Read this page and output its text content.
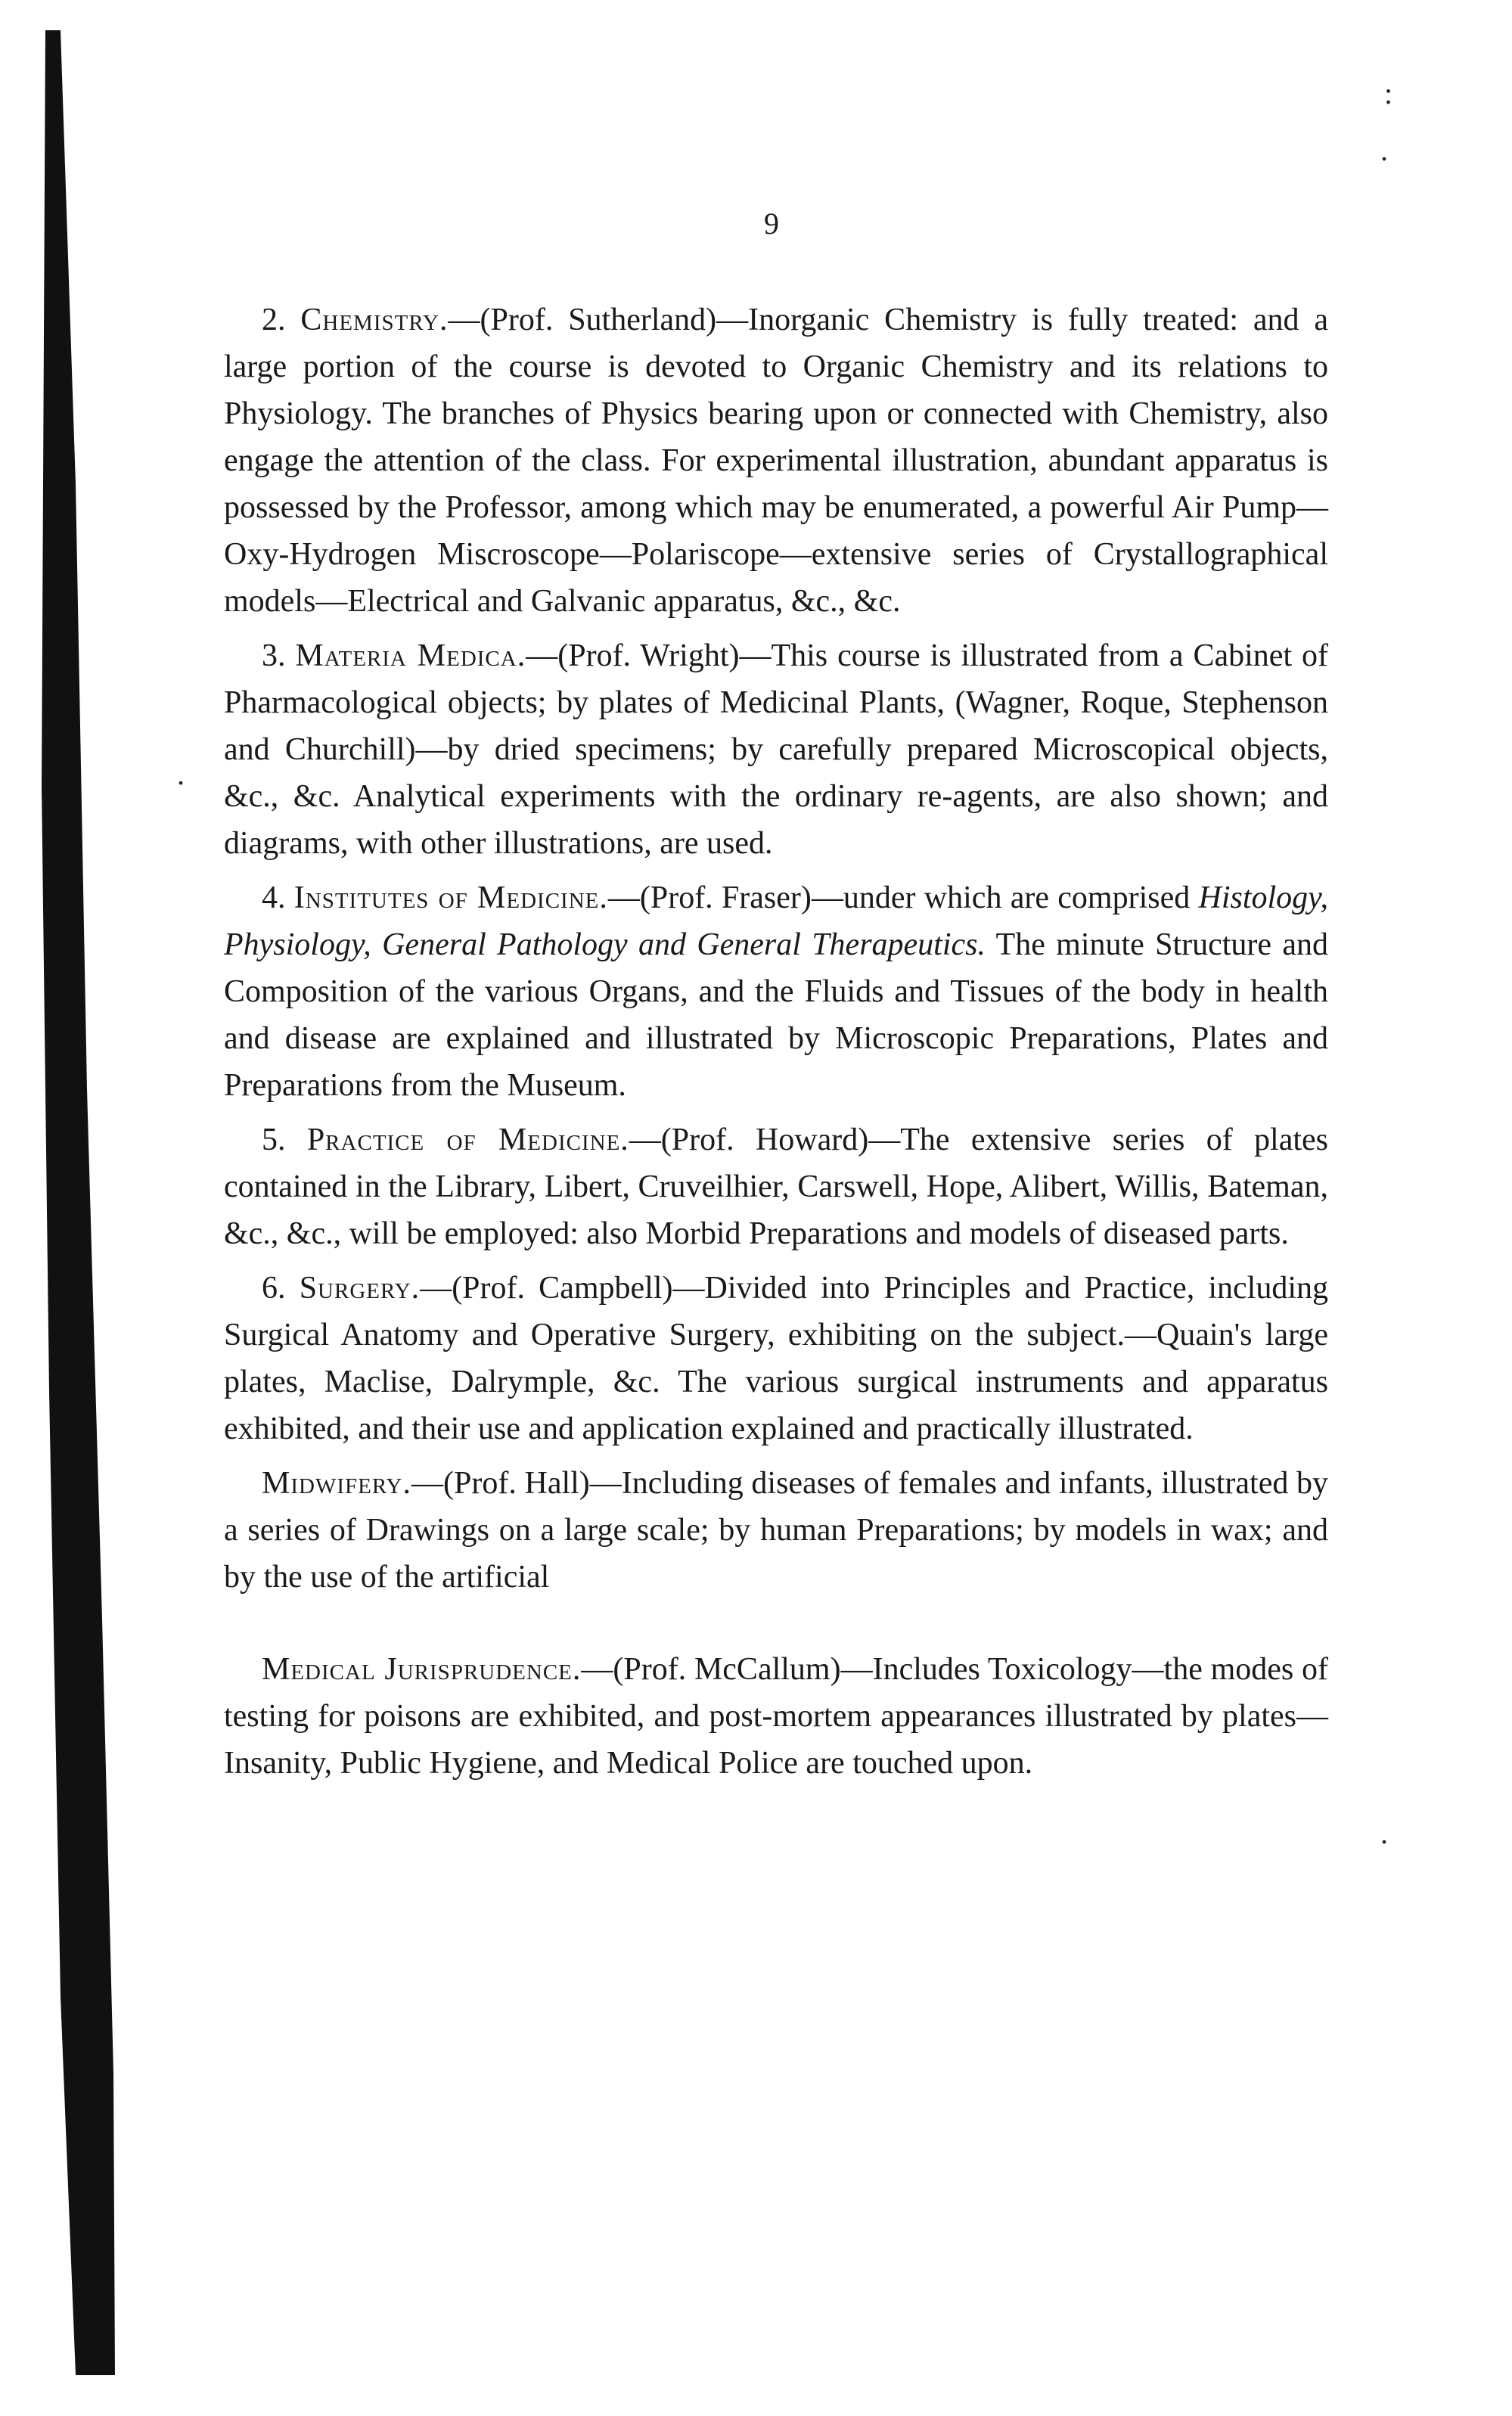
:
.
.
.
9

2. Chemistry.—(Prof. Sutherland)—Inorganic Chemistry is fully treated: and a large portion of the course is devoted to Organic Chemistry and its relations to Physiology. The branches of Physics bearing upon or connected with Chemistry, also engage the attention of the class. For experimental illustration, abundant apparatus is possessed by the Professor, among which may be enumerated, a powerful Air Pump—Oxy-Hydrogen Miscroscope—Polariscope—extensive series of Crystallographical models—Electrical and Galvanic apparatus, &c., &c.

3. Materia Medica.—(Prof. Wright)—This course is illustrated from a Cabinet of Pharmacological objects; by plates of Medicinal Plants, (Wagner, Roque, Stephenson and Churchill)—by dried specimens; by carefully prepared Microscopical objects, &c., &c. Analytical experiments with the ordinary re-agents, are also shown; and diagrams, with other illustrations, are used.

4. Institutes of Medicine.—(Prof. Fraser)—under which are comprised Histology, Physiology, General Pathology and General Therapeutics. The minute Structure and Composition of the various Organs, and the Fluids and Tissues of the body in health and disease are explained and illustrated by Microscopic Preparations, Plates and Preparations from the Museum.

5. Practice of Medicine.—(Prof. Howard)—The extensive series of plates contained in the Library, Libert, Cruveilhier, Carswell, Hope, Alibert, Willis, Bateman, &c., &c., will be employed: also Morbid Preparations and models of diseased parts.

6. Surgery.—(Prof. Campbell)—Divided into Principles and Practice, including Surgical Anatomy and Operative Surgery, exhibiting on the subject.—Quain's large plates, Maclise, Dalrymple, &c. The various surgical instruments and apparatus exhibited, and their use and application explained and practically illustrated.

Midwifery.—(Prof. Hall)—Including diseases of females and infants, illustrated by a series of Drawings on a large scale; by human Preparations; by models in wax; and by the use of the artificial

Medical Jurisprudence.—(Prof. McCallum)—Includes Toxicology—the modes of testing for poisons are exhibited, and post-mortem appearances illustrated by plates—Insanity, Public Hygiene, and Medical Police are touched upon.
